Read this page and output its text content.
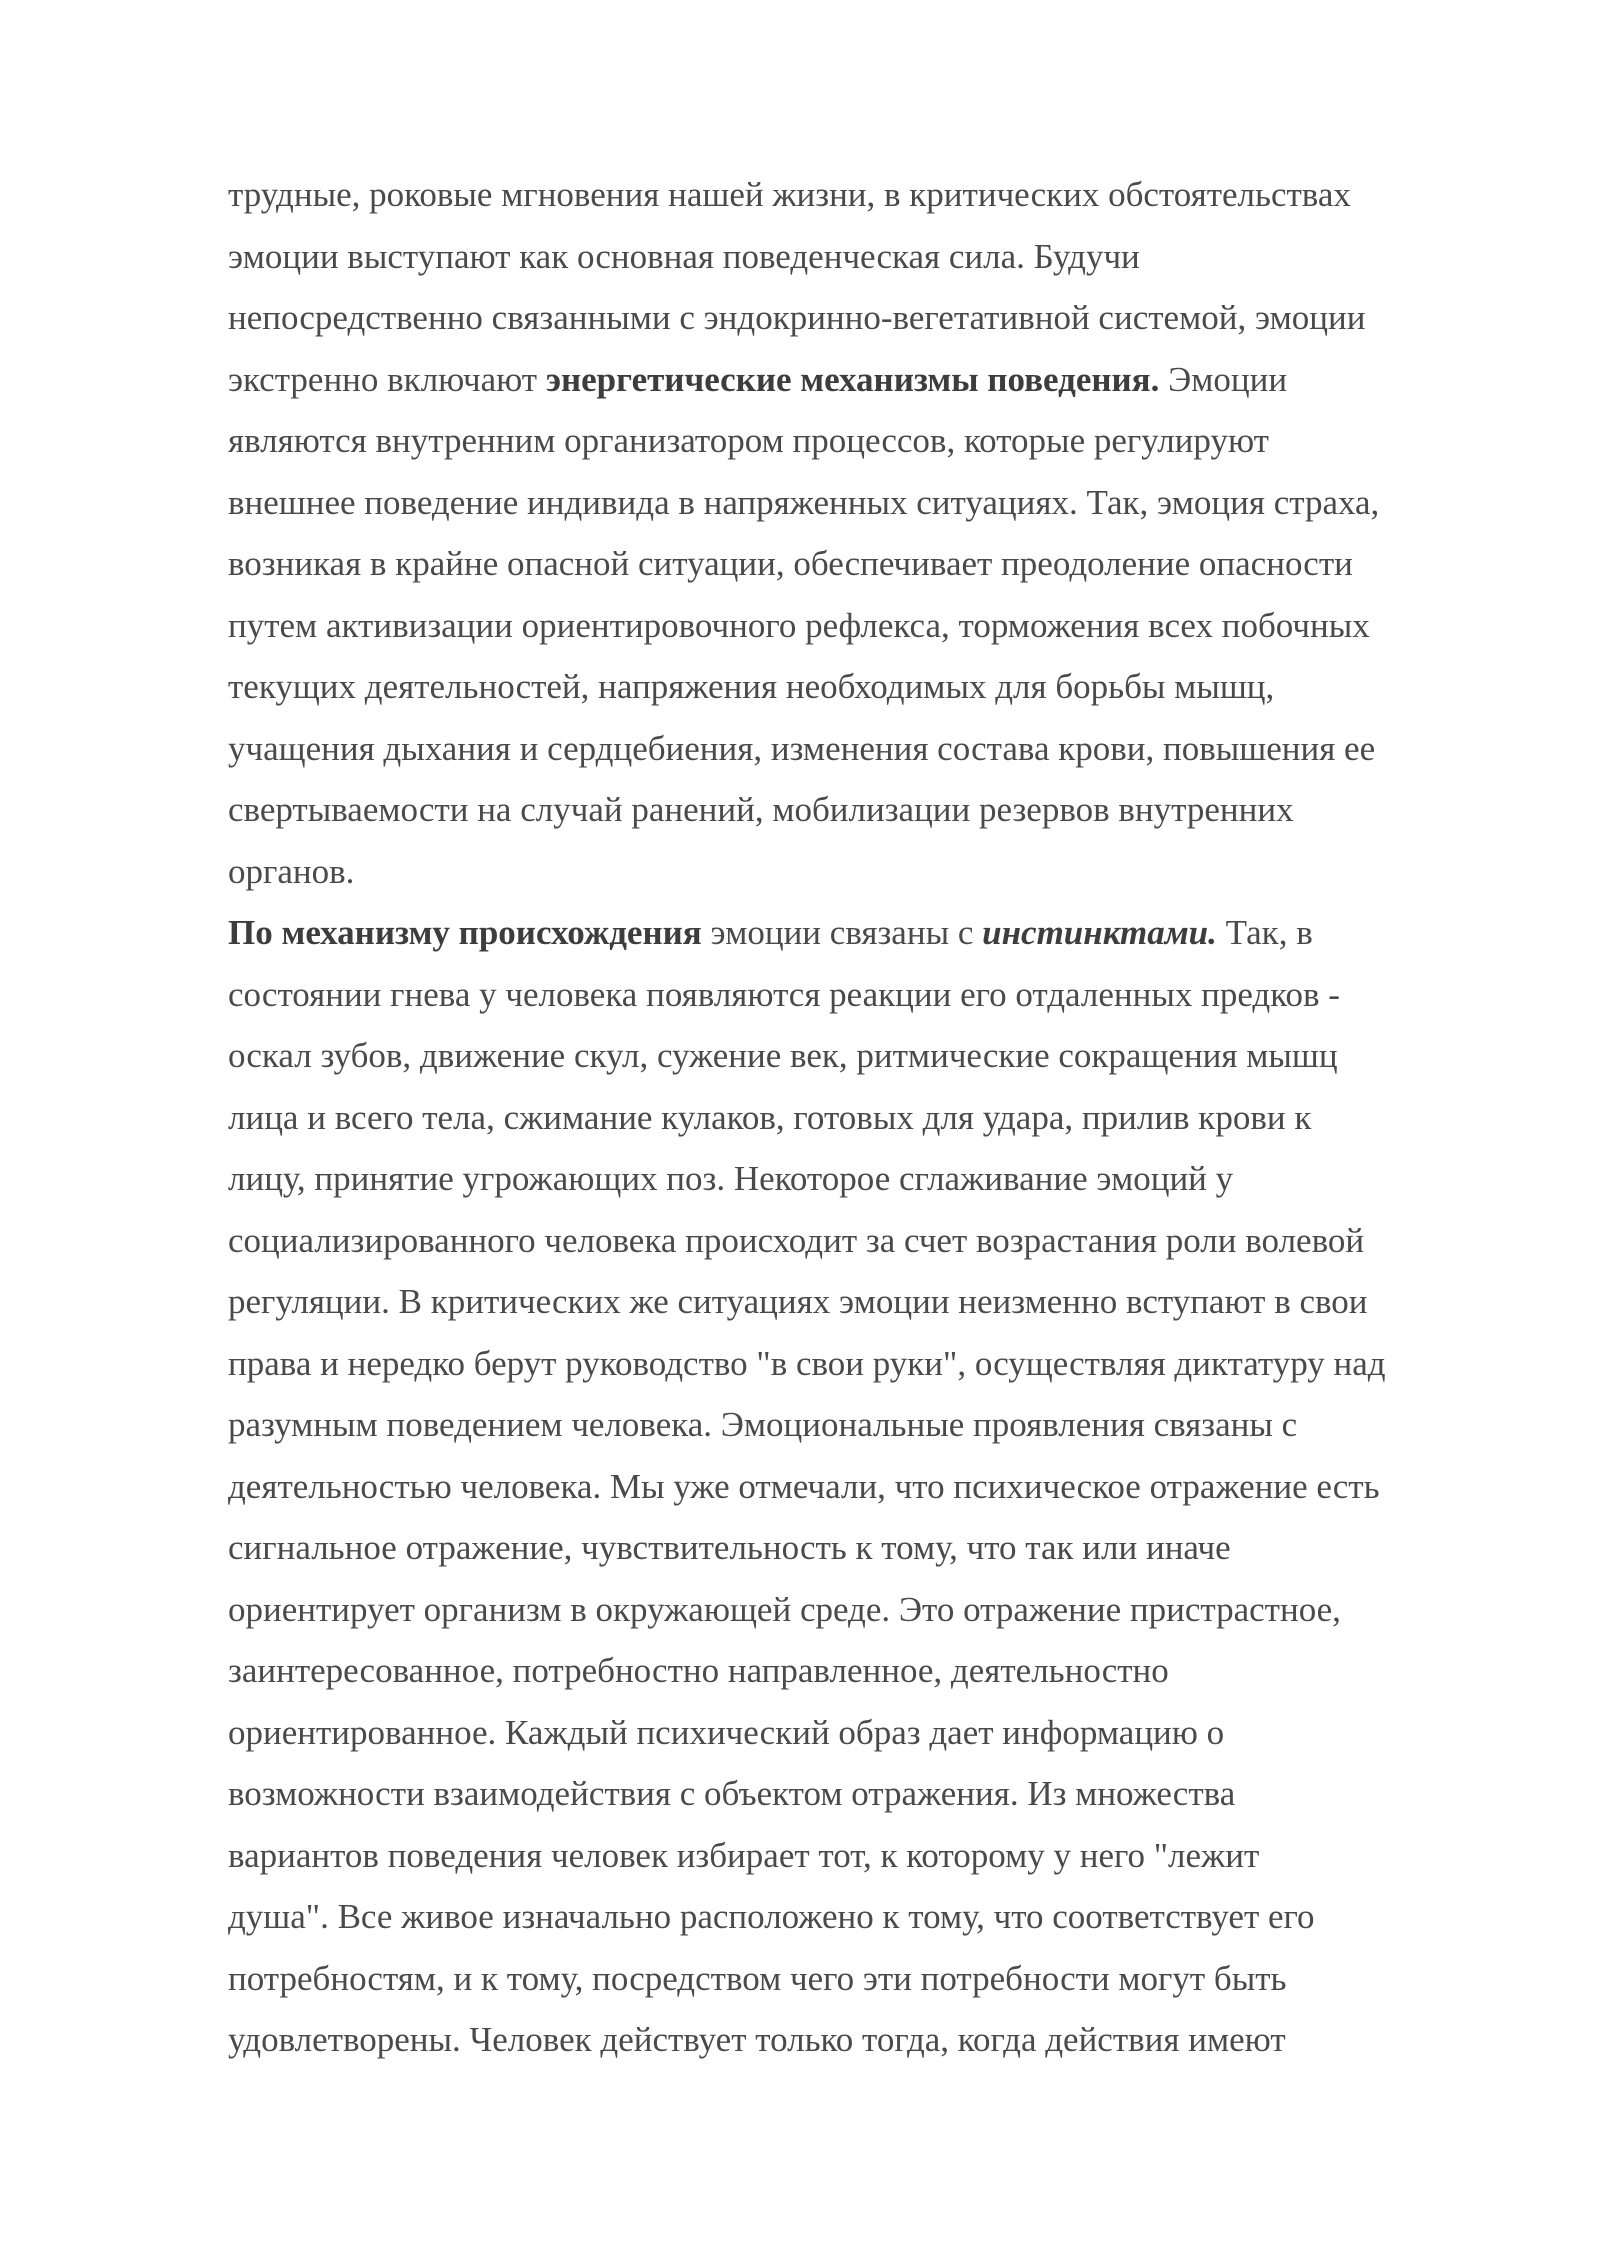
трудные, роковые мгновения нашей жизни, в критических обстоятельствах
эмоции выступают как основная поведенческая сила. Будучи
непосредственно связанными с эндокринно-вегетативной системой, эмоции
экстренно включают энергетические механизмы поведения. Эмоции
являются внутренним организатором процессов, которые регулируют
внешнее поведение индивида в напряженных ситуациях. Так, эмоция страха,
возникая в крайне опасной ситуации, обеспечивает преодоление опасности
путем активизации ориентировочного рефлекса, торможения всех побочных
текущих деятельностей, напряжения необходимых для борьбы мышц,
учащения дыхания и сердцебиения, изменения состава крови, повышения ее
свертываемости на случай ранений, мобилизации резервов внутренних
органов.
По механизму происхождения эмоции связаны с инстинктами. Так, в
состоянии гнева у человека появляются реакции его отдаленных предков -
оскал зубов, движение скул, сужение век, ритмические сокращения мышц
лица и всего тела, сжимание кулаков, готовых для удара, прилив крови к
лицу, принятие угрожающих поз. Некоторое сглаживание эмоций у
социализированного человека происходит за счет возрастания роли волевой
регуляции. В критических же ситуациях эмоции неизменно вступают в свои
права и нередко берут руководство "в свои руки", осуществляя диктатуру над
разумным поведением человека. Эмоциональные проявления связаны с
деятельностью человека. Мы уже отмечали, что психическое отражение есть
сигнальное отражение, чувствительность к тому, что так или иначе
ориентирует организм в окружающей среде. Это отражение пристрастное,
заинтересованное, потребностно направленное, деятельностно
ориентированное. Каждый психический образ дает информацию о
возможности взаимодействия с объектом отражения. Из множества
вариантов поведения человек избирает тот, к которому у него "лежит
душа". Все живое изначально расположено к тому, что соответствует его
потребностям, и к тому, посредством чего эти потребности могут быть
удовлетворены. Человек действует только тогда, когда действия имеют
